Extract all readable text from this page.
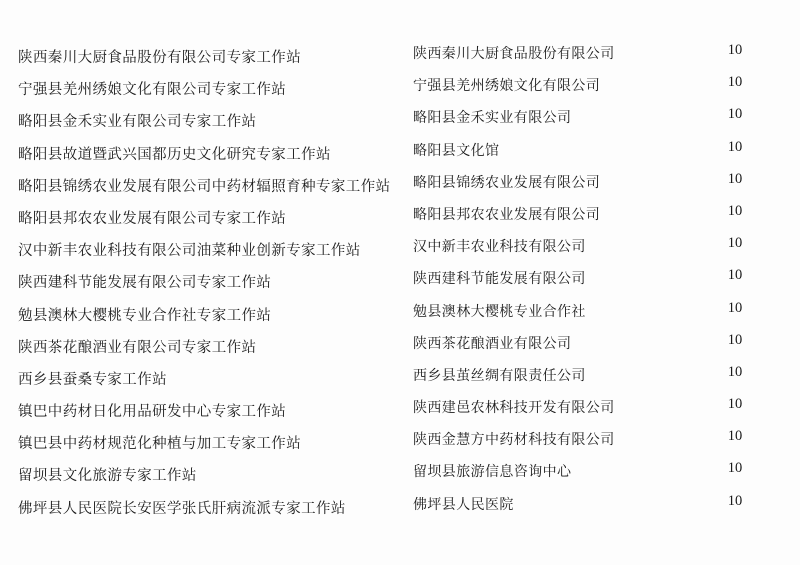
陕西秦川大厨食品股份有限公司专家工作站	陕西秦川大厨食品股份有限公司	10
宁强县羌州绣娘文化有限公司专家工作站	宁强县羌州绣娘文化有限公司	10
略阳县金禾实业有限公司专家工作站	略阳县金禾实业有限公司	10
略阳县故道暨武兴国都历史文化研究专家工作站	略阳县文化馆	10
略阳县锦绣农业发展有限公司中药材辐照育种专家工作站	略阳县锦绣农业发展有限公司	10
略阳县邦农农业发展有限公司专家工作站	略阳县邦农农业发展有限公司	10
汉中新丰农业科技有限公司油菜种业创新专家工作站	汉中新丰农业科技有限公司	10
陕西建科节能发展有限公司专家工作站	陕西建科节能发展有限公司	10
勉县澳林大樱桃专业合作社专家工作站	勉县澳林大樱桃专业合作社	10
陕西茶花酿酒业有限公司专家工作站	陕西茶花酿酒业有限公司	10
西乡县蚕桑专家工作站	西乡县茧丝绸有限责任公司	10
镇巴中药材日化用品研发中心专家工作站	陕西建邑农林科技开发有限公司	10
镇巴县中药材规范化种植与加工专家工作站	陕西金慧方中药材科技有限公司	10
留坝县文化旅游专家工作站	留坝县旅游信息咨询中心	10
佛坪县人民医院长安医学张氏肝病流派专家工作站	佛坪县人民医院	10
